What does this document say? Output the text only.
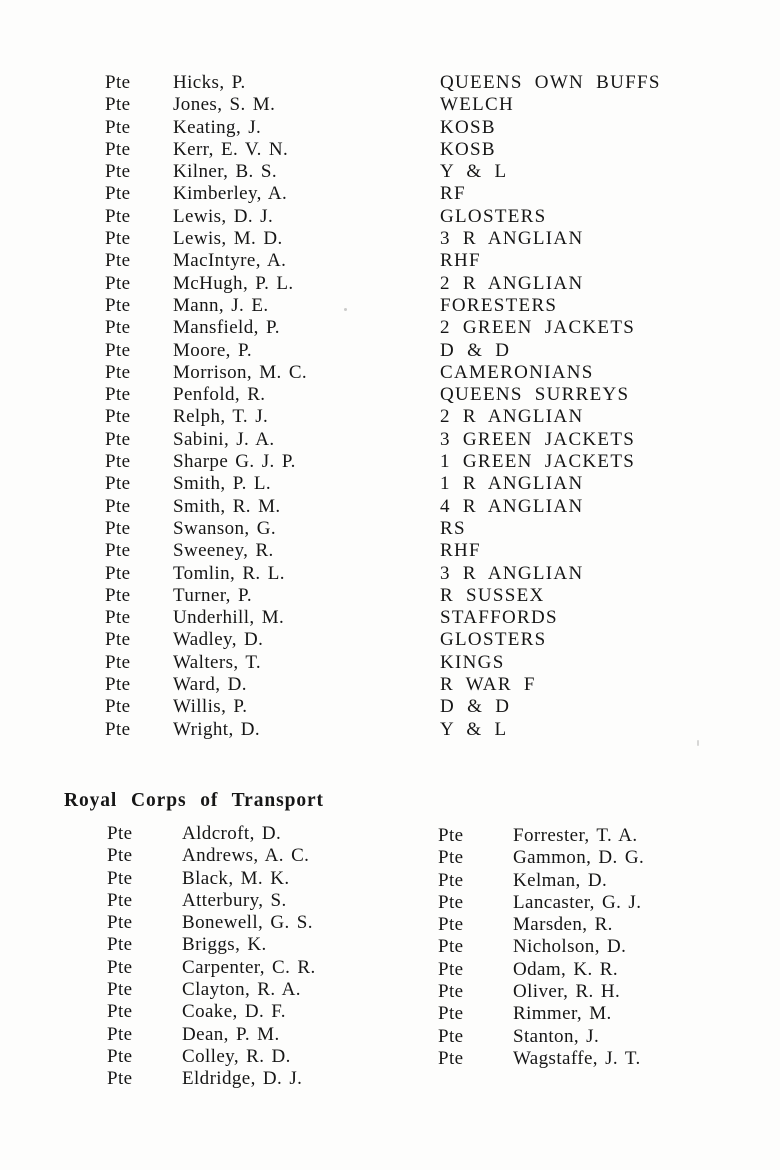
Pte	Hicks, P.	QUEENS OWN BUFFS
Pte	Jones, S. M.	WELCH
Pte	Keating, J.	KOSB
Pte	Kerr, E. V. N.	KOSB
Pte	Kilner, B. S.	Y & L
Pte	Kimberley, A.	RF
Pte	Lewis, D. J.	GLOSTERS
Pte	Lewis, M. D.	3 R ANGLIAN
Pte	MacIntyre, A.	RHF
Pte	McHugh, P. L.	2 R ANGLIAN
Pte	Mann, J. E.	FORESTERS
Pte	Mansfield, P.	2 GREEN JACKETS
Pte	Moore, P.	D & D
Pte	Morrison, M. C.	CAMERONIANS
Pte	Penfold, R.	QUEENS SURREYS
Pte	Relph, T. J.	2 R ANGLIAN
Pte	Sabini, J. A.	3 GREEN JACKETS
Pte	Sharpe G. J. P.	1 GREEN JACKETS
Pte	Smith, P. L.	1 R ANGLIAN
Pte	Smith, R. M.	4 R ANGLIAN
Pte	Swanson, G.	RS
Pte	Sweeney, R.	RHF
Pte	Tomlin, R. L.	3 R ANGLIAN
Pte	Turner, P.	R SUSSEX
Pte	Underhill, M.	STAFFORDS
Pte	Wadley, D.	GLOSTERS
Pte	Walters, T.	KINGS
Pte	Ward, D.	R WAR F
Pte	Willis, P.	D & D
Pte	Wright, D.	Y & L
Royal Corps of Transport
Pte	Aldcroft, D.
Pte	Andrews, A. C.
Pte	Black, M. K.
Pte	Atterbury, S.
Pte	Bonewell, G. S.
Pte	Briggs, K.
Pte	Carpenter, C. R.
Pte	Clayton, R. A.
Pte	Coake, D. F.
Pte	Dean, P. M.
Pte	Colley, R. D.
Pte	Eldridge, D. J.
Pte	Forrester, T. A.
Pte	Gammon, D. G.
Pte	Kelman, D.
Pte	Lancaster, G. J.
Pte	Marsden, R.
Pte	Nicholson, D.
Pte	Odam, K. R.
Pte	Oliver, R. H.
Pte	Rimmer, M.
Pte	Stanton, J.
Pte	Wagstaffe, J. T.
